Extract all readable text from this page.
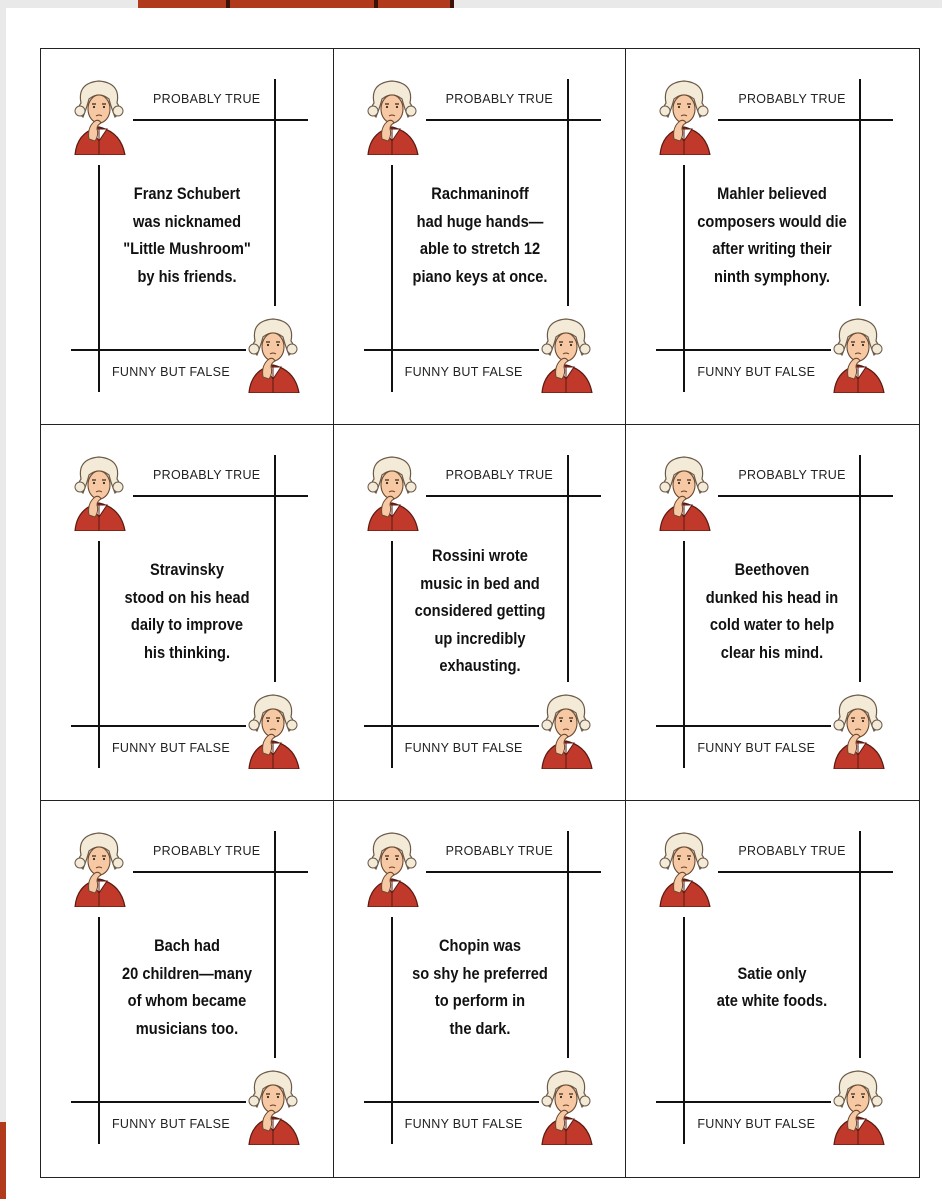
PROBABLY TRUE
FUNNY BUT FALSE
Franz Schubert
was nicknamed
"Little Mushroom"
by his friends.
PROBABLY TRUE
FUNNY BUT FALSE
Rachmaninoff
had huge hands—
able to stretch 12
piano keys at once.
PROBABLY TRUE
FUNNY BUT FALSE
Mahler believed
composers would die
after writing their
ninth symphony.
PROBABLY TRUE
FUNNY BUT FALSE
Stravinsky
stood on his head
daily to improve
his thinking.
PROBABLY TRUE
FUNNY BUT FALSE
Rossini wrote
music in bed and
considered getting
up incredibly
exhausting.
PROBABLY TRUE
FUNNY BUT FALSE
Beethoven
dunked his head in
cold water to help
clear his mind.
PROBABLY TRUE
FUNNY BUT FALSE
Bach had
20 children—many
of whom became
musicians too.
PROBABLY TRUE
FUNNY BUT FALSE
Chopin was
so shy he preferred
to perform in
the dark.
PROBABLY TRUE
FUNNY BUT FALSE
Satie only
ate white foods.
